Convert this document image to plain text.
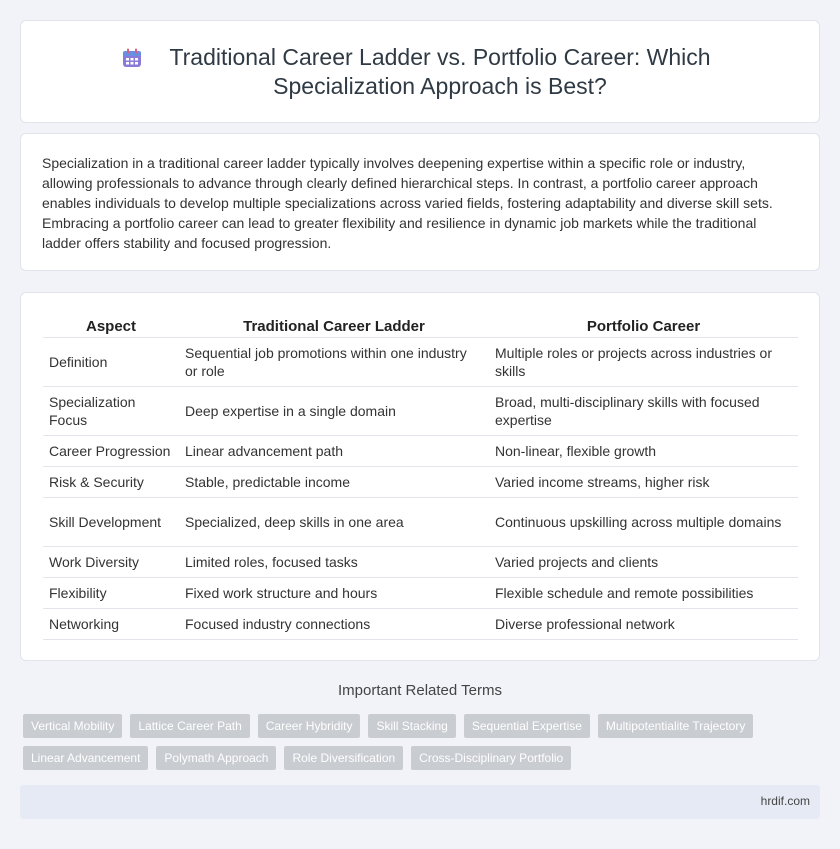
Traditional Career Ladder vs. Portfolio Career: Which Specialization Approach is Best?

Specialization in a traditional career ladder typically involves deepening expertise within a specific role or industry, allowing professionals to advance through clearly defined hierarchical steps. In contrast, a portfolio career approach enables individuals to develop multiple specializations across varied fields, fostering adaptability and diverse skill sets. Embracing a portfolio career can lead to greater flexibility and resilience in dynamic job markets while the traditional ladder offers stability and focused progression.

Aspect	Traditional Career Ladder	Portfolio Career
Definition	Sequential job promotions within one industry or role	Multiple roles or projects across industries or skills
Specialization Focus	Deep expertise in a single domain	Broad, multi-disciplinary skills with focused expertise
Career Progression	Linear advancement path	Non-linear, flexible growth
Risk & Security	Stable, predictable income	Varied income streams, higher risk
Skill Development	Specialized, deep skills in one area	Continuous upskilling across multiple domains
Work Diversity	Limited roles, focused tasks	Varied projects and clients
Flexibility	Fixed work structure and hours	Flexible schedule and remote possibilities
Networking	Focused industry connections	Diverse professional network
Important Related Terms
Vertical Mobility	Lattice Career Path	Career Hybridity	Skill Stacking	Sequential Expertise	Multipotentialite Trajectory
Linear Advancement	Polymath Approach	Role Diversification	Cross-Disciplinary Portfolio
hrdif.com
